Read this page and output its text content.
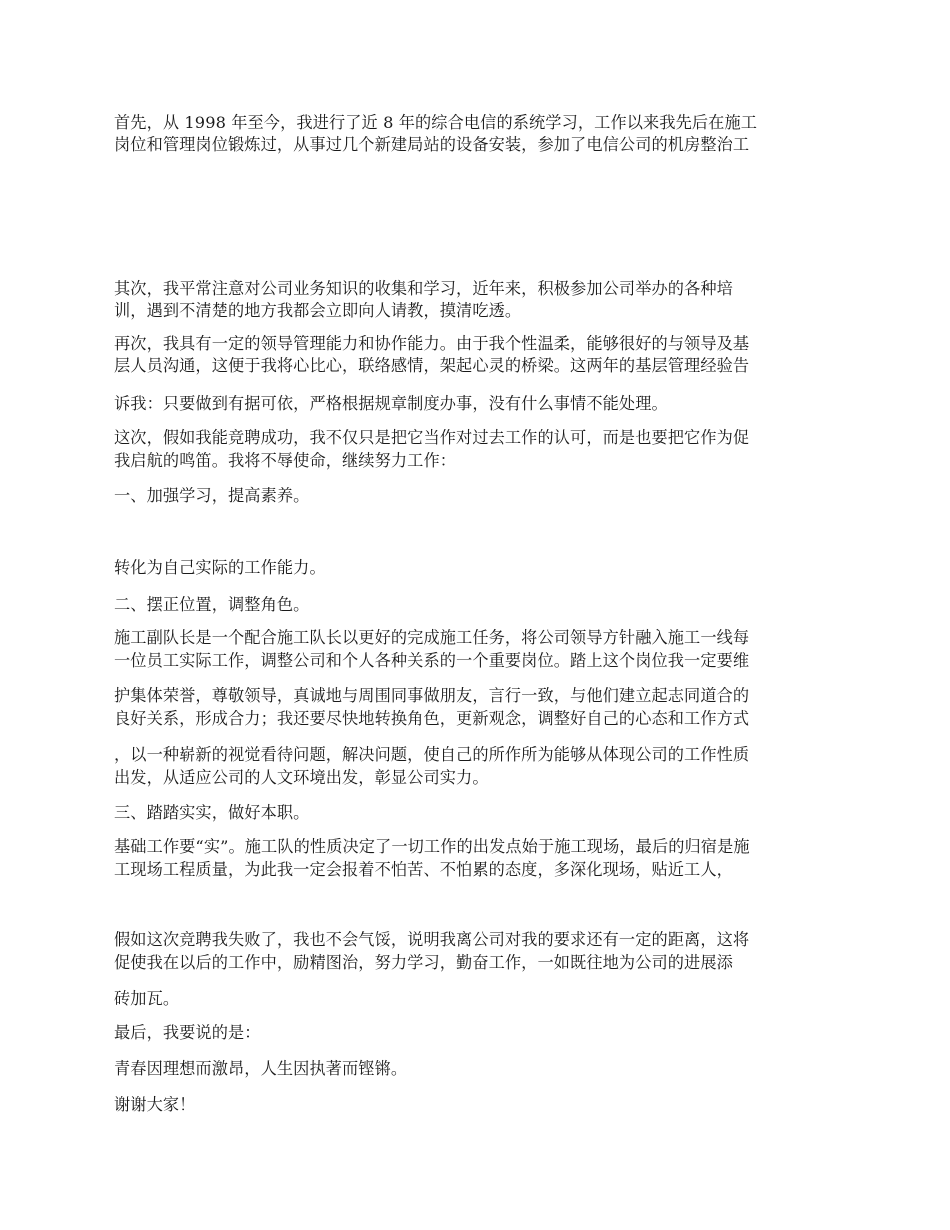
首先，从 1998 年至今，我进行了近 8 年的综合电信的系统学习，工作以来我先后在施工
岗位和管理岗位锻炼过，从事过几个新建局站的设备安装，参加了电信公司的机房整治工
其次，我平常注意对公司业务知识的收集和学习，近年来，积极参加公司举办的各种培
训，遇到不清楚的地方我都会立即向人请教，摸清吃透。
再次，我具有一定的领导管理能力和协作能力。由于我个性温柔，能够很好的与领导及基
层人员沟通，这便于我将心比心，联络感情，架起心灵的桥梁。这两年的基层管理经验告
诉我：只要做到有据可依，严格根据规章制度办事，没有什么事情不能处理。
这次，假如我能竞聘成功，我不仅只是把它当作对过去工作的认可，而是也要把它作为促
我启航的鸣笛。我将不辱使命，继续努力工作：
一、加强学习，提高素养。
转化为自己实际的工作能力。
二、摆正位置，调整角色。
施工副队长是一个配合施工队长以更好的完成施工任务，将公司领导方针融入施工一线每
一位员工实际工作，调整公司和个人各种关系的一个重要岗位。踏上这个岗位我一定要维
护集体荣誉，尊敬领导，真诚地与周围同事做朋友，言行一致，与他们建立起志同道合的
良好关系，形成合力；我还要尽快地转换角色，更新观念，调整好自己的心态和工作方式
，以一种崭新的视觉看待问题，解决问题，使自己的所作所为能够从体现公司的工作性质
出发，从适应公司的人文环境出发，彰显公司实力。
三、踏踏实实，做好本职。
基础工作要“实”。施工队的性质决定了一切工作的出发点始于施工现场，最后的归宿是施
工现场工程质量，为此我一定会报着不怕苦、不怕累的态度，多深化现场，贴近工人，
假如这次竞聘我失败了，我也不会气馁，说明我离公司对我的要求还有一定的距离，这将
促使我在以后的工作中，励精图治，努力学习，勤奋工作，一如既往地为公司的进展添
砖加瓦。
最后，我要说的是：
青春因理想而激昂，人生因执著而铿锵。
谢谢大家！
